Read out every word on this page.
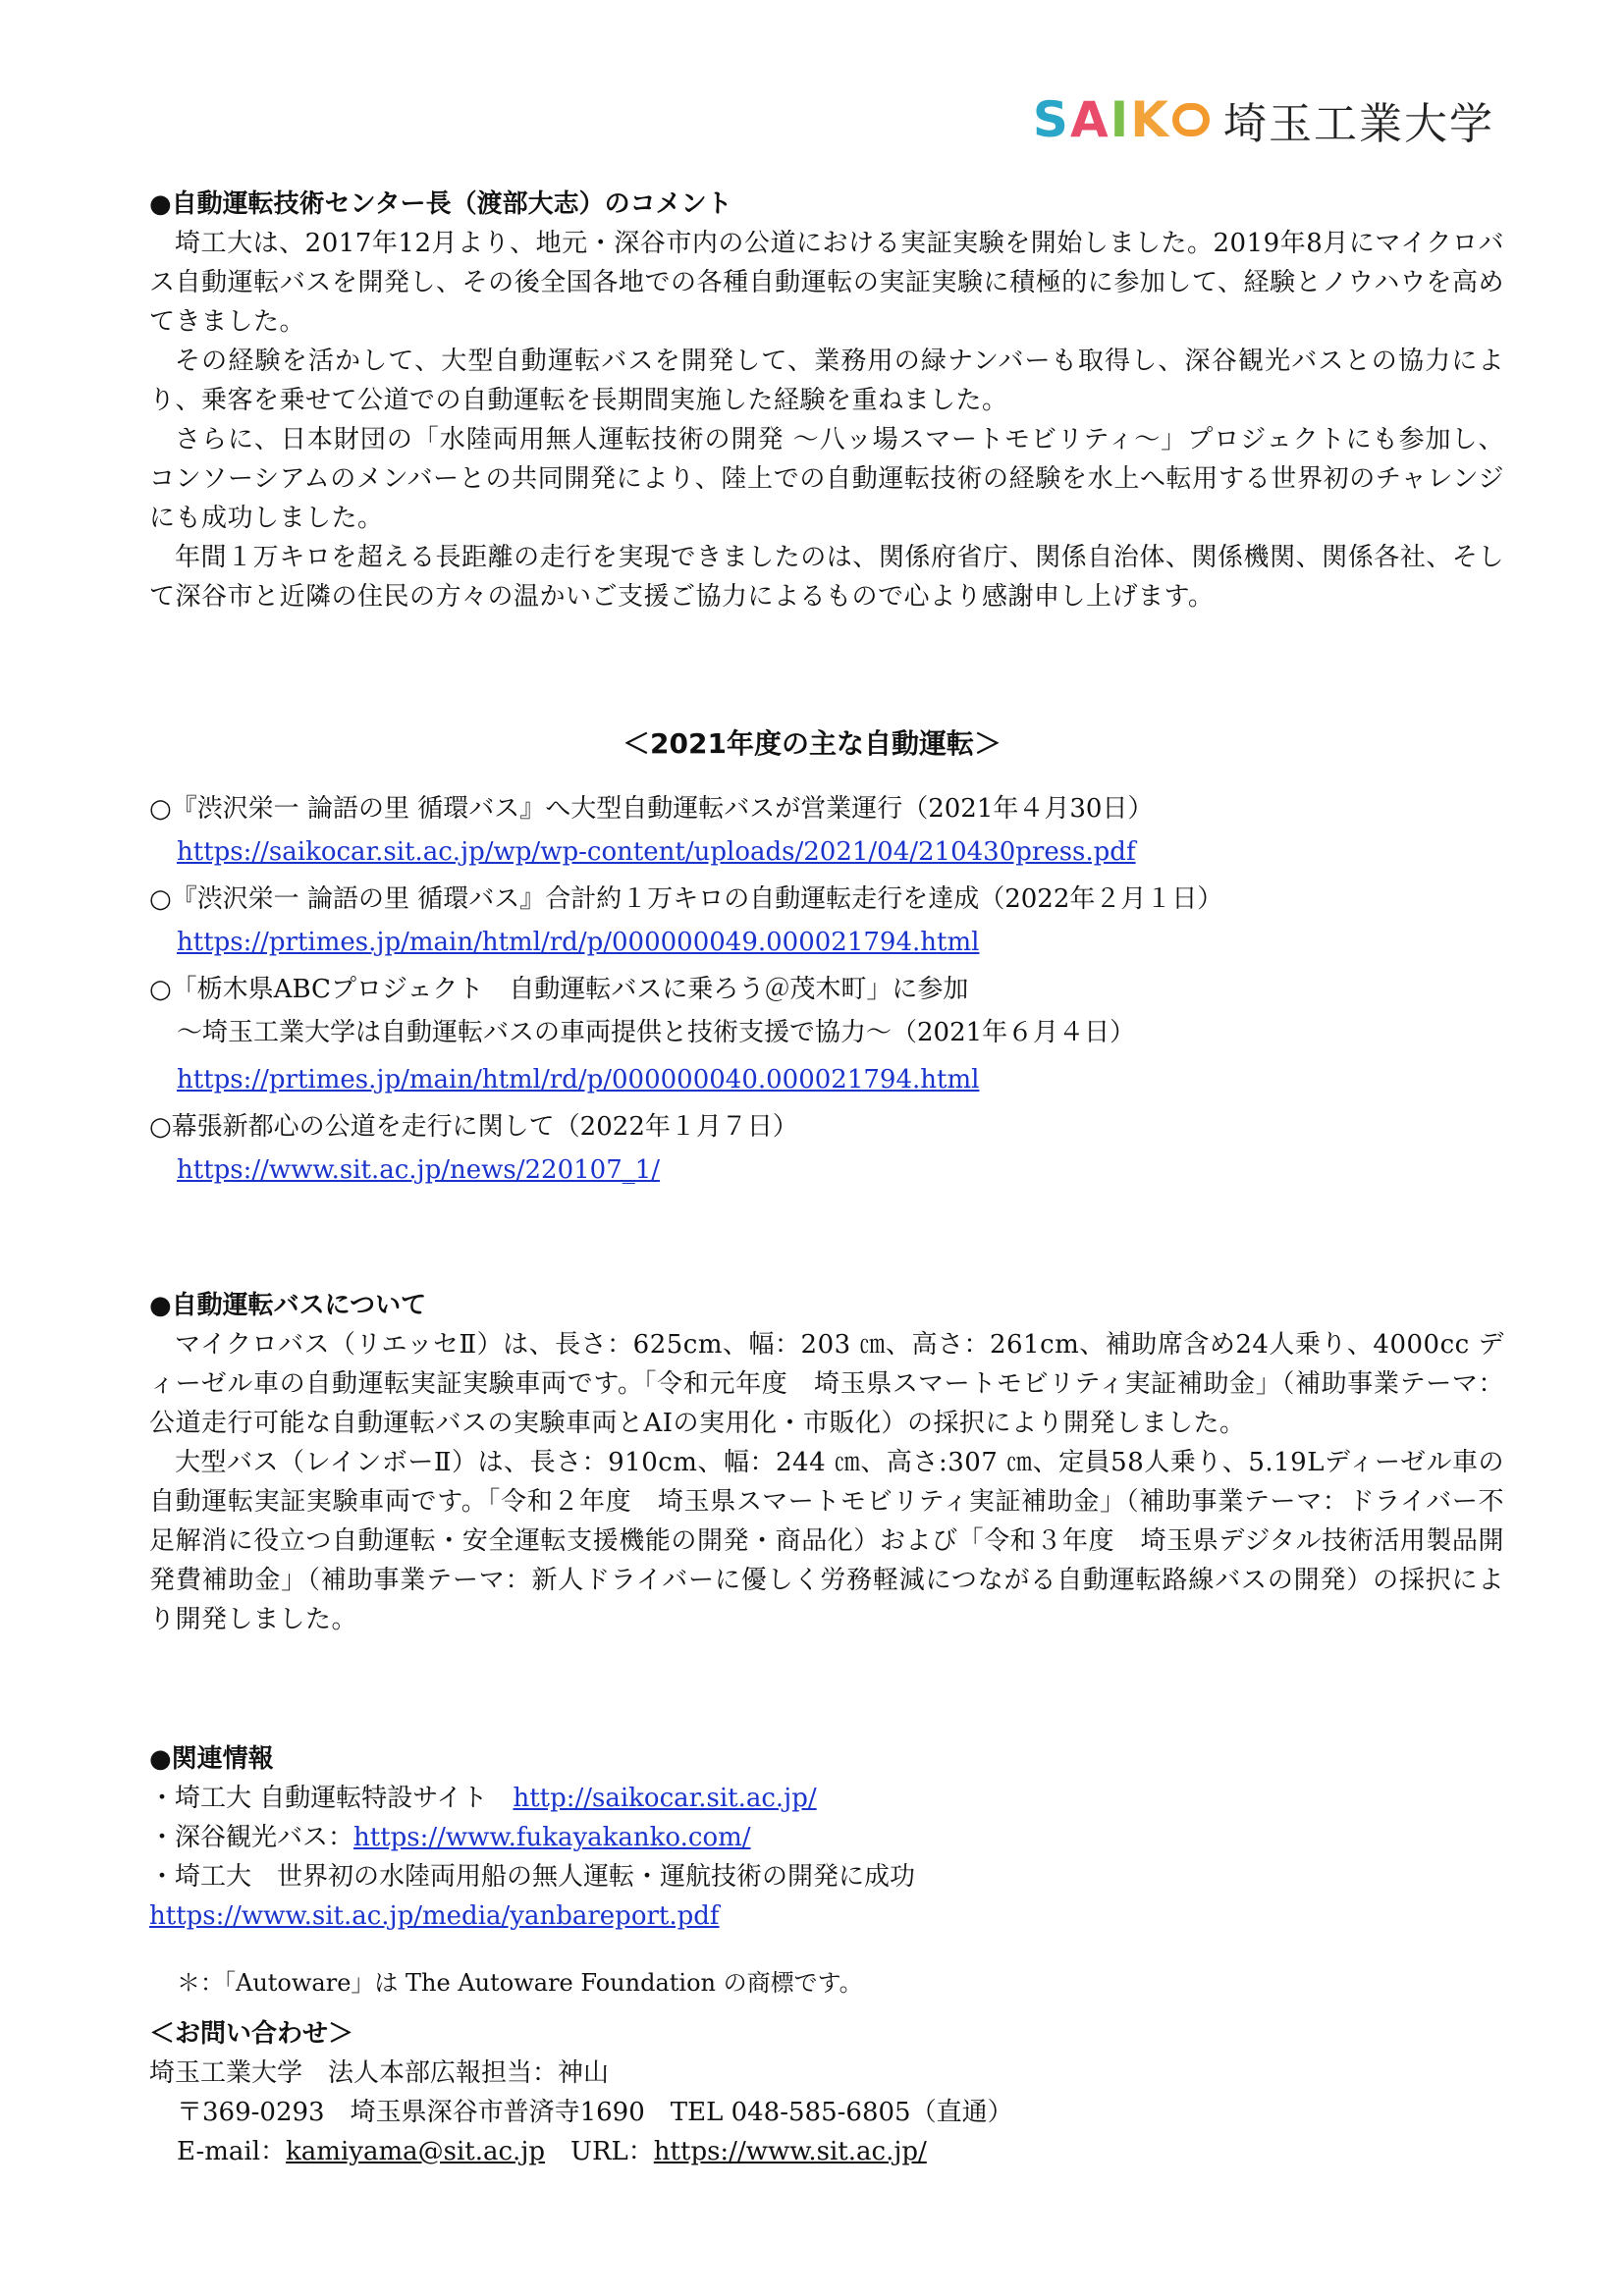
S A I K 埼玉工業大学

●自動運転技術センター長（渡部大志）のコメント

埼工大は、2017年12月より、地元・深谷市内の公道における実証実験を開始しました。2019年8月にマイクロバス自動運転バスを開発し、その後全国各地での各種自動運転の実証実験に積極的に参加して、経験とノウハウを高めてきました。

その経験を活かして、大型自動運転バスを開発して、業務用の緑ナンバーも取得し、深谷観光バスとの協力により、乗客を乗せて公道での自動運転を長期間実施した経験を重ねました。

さらに、日本財団の「水陸両用無人運転技術の開発 ～八ッ場スマートモビリティ～」プロジェクトにも参加し、コンソーシアムのメンバーとの共同開発により、陸上での自動運転技術の経験を水上へ転用する世界初のチャレンジにも成功しました。

年間１万キロを超える長距離の走行を実現できましたのは、関係府省庁、関係自治体、関係機関、関係各社、そして深谷市と近隣の住民の方々の温かいご支援ご協力によるもので心より感謝申し上げます。

＜2021年度の主な自動運転＞

○『渋沢栄一 論語の里 循環バス』へ大型自動運転バスが営業運行（2021年４月30日）

https://saikocar.sit.ac.jp/wp/wp-content/uploads/2021/04/210430press.pdf

○『渋沢栄一 論語の里 循環バス』合計約１万キロの自動運転走行を達成（2022年２月１日）

https://prtimes.jp/main/html/rd/p/000000049.000021794.html

○「栃木県ABCプロジェクト　自動運転バスに乗ろう＠茂木町」に参加

～埼玉工業大学は自動運転バスの車両提供と技術支援で協力～（2021年６月４日）

https://prtimes.jp/main/html/rd/p/000000040.000021794.html

○幕張新都心の公道を走行に関して（2022年１月７日）

https://www.sit.ac.jp/news/220107_1/

●自動運転バスについて

マイクロバス（リエッセⅡ）は、長さ：625cm、幅：203 ㎝、高さ：261cm、補助席含め24人乗り、4000cc ディーゼル車の自動運転実証実験車両です。「令和元年度　埼玉県スマートモビリティ実証補助金」（補助事業テーマ：公道走行可能な自動運転バスの実験車両とAIの実用化・市販化）の採択により開発しました。

大型バス（レインボーⅡ）は、長さ：910cm、幅：244 ㎝、高さ:307 ㎝、定員58人乗り、5.19Lディーゼル車の自動運転実証実験車両です。「令和２年度　埼玉県スマートモビリティ実証補助金」（補助事業テーマ：ドライバー不足解消に役立つ自動運転・安全運転支援機能の開発・商品化）および「令和３年度　埼玉県デジタル技術活用製品開発費補助金」（補助事業テーマ：新人ドライバーに優しく労務軽減につながる自動運転路線バスの開発）の採択により開発しました。

●関連情報

・埼工大 自動運転特設サイト　http://saikocar.sit.ac.jp/

・深谷観光バス：https://www.fukayakanko.com/

・埼工大　世界初の水陸両用船の無人運転・運航技術の開発に成功　https://www.sit.ac.jp/media/yanbareport.pdf

＊：「Autoware」は The Autoware Foundation の商標です。

＜お問い合わせ＞

埼玉工業大学　法人本部広報担当：神山

〒369-0293　埼玉県深谷市普済寺1690　TEL 048-585-6805（直通）

E-mail：kamiyama@sit.ac.jp　URL：https://www.sit.ac.jp/
